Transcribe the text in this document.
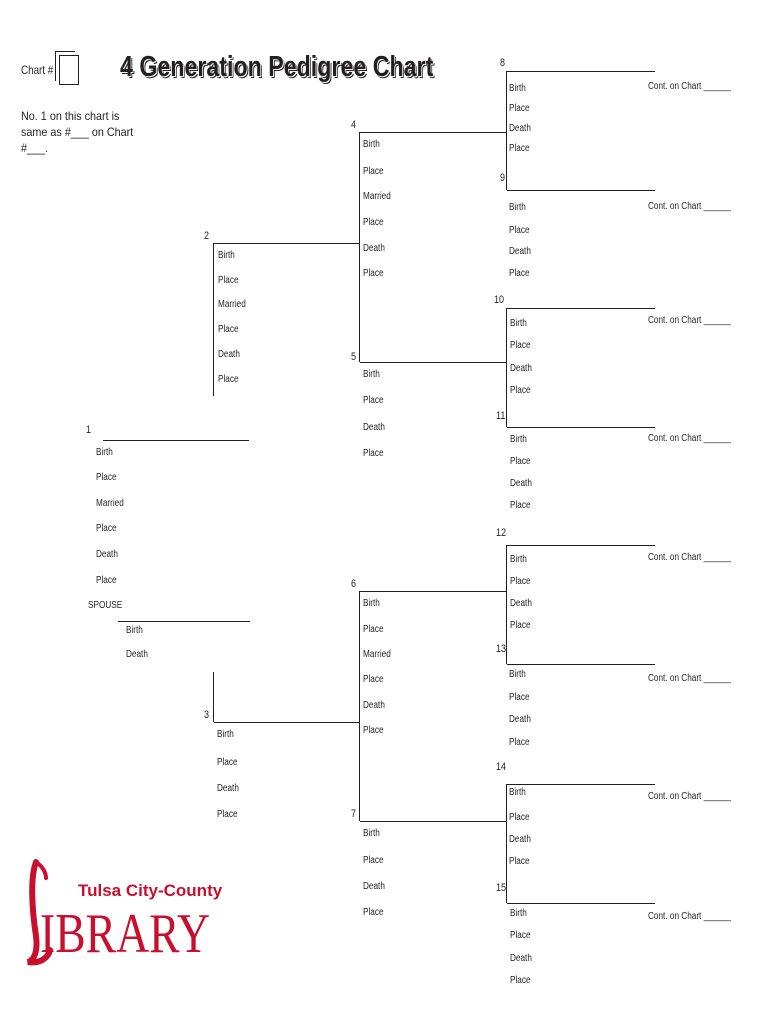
Chart # 4 Generation Pedigree Chart
No. 1 on this chart is
same as #___ on Chart
#___.
1
2
3
4
5
6
7
8
9
10
11
12
13
14
15
Birth
Place
Married
Place
Death
Place
SPOUSE
Birth
Death
Birth
Place
Married
Place
Death
Place
Birth
Place
Death
Place
Birth
Place
Married
Place
Death
Place
Birth
Place
Death
Place
Birth
Place
Married
Place
Death
Place
Birth
Place
Death
Place
Birth
Place
Death
Place
Cont. on Chart ______
Birth
Place
Death
Place
Cont. on Chart ______
Birth
Place
Death
Place
Cont. on Chart ______
Birth
Place
Death
Place
Cont. on Chart ______
Birth
Place
Death
Place
Cont. on Chart ______
Birth
Place
Death
Place
Cont. on Chart ______
Birth
Place
Death
Place
Cont. on Chart ______
Birth
Place
Death
Place
Cont. on Chart ______
Tulsa City-County
IBRARY
